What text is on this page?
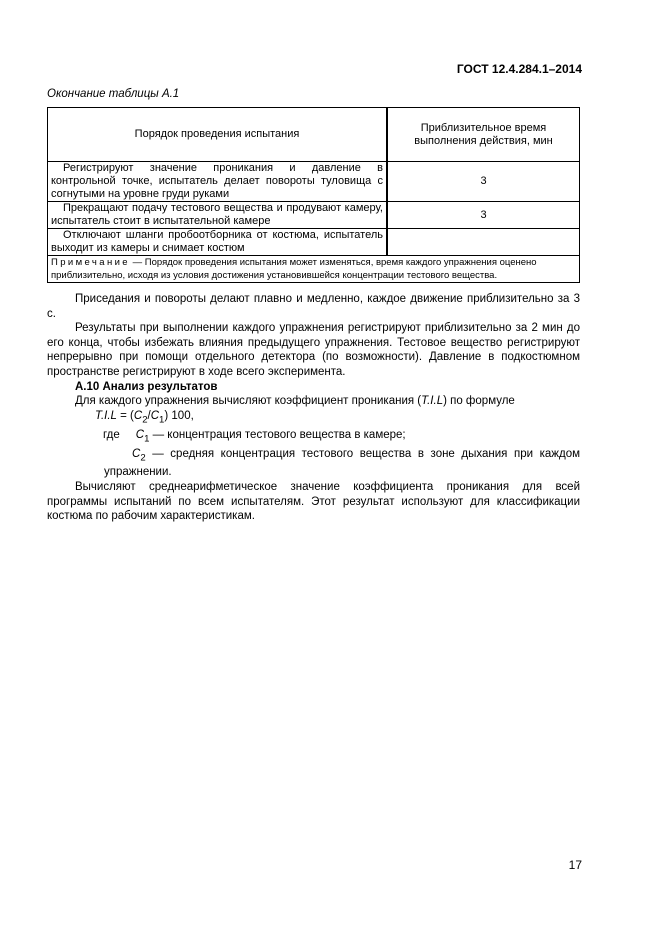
ГОСТ 12.4.284.1–2014
Окончание таблицы А.1
Порядок проведения испытания	Приблизительное время
выполнения действия, мин

Регистрируют значение проникания и давление в контрольной точке, испытатель делает повороты туловища с согнутыми на уровне груди руками	3

Прекращают подачу тестового вещества и продувают камеру, испытатель стоит в испытательной камере	3

Отключают шланги пробоотборника от костюма, испытатель выходит из камеры и снимает костюм	

Примечание — Порядок проведения испытания может изменяться, время каждого упражнения оценено приблизительно, исходя из условия достижения установившейся концентрации тестового вещества.	

Приседания и повороты делают плавно и медленно, каждое движение приблизительно за 3 с.

Результаты при выполнении каждого упражнения регистрируют приблизительно за 2 мин до его конца, чтобы избежать влияния предыдущего упражнения. Тестовое вещество регистрируют непрерывно при помощи отдельного детектора (по возможности). Давление в подкостюмном пространстве регистрируют в ходе всего эксперимента.

А.10 Анализ результатов

Для каждого упражнения вычисляют коэффициент проникания (T.I.L) по формуле

$T.I.L = (C_2/C_1)$ 100,

где $C_1$ — концентрация тестового вещества в камере;

$C_2$ — средняя концентрация тестового вещества в зоне дыхания при каждом упражнении.

Вычисляют среднеарифметическое значение коэффициента проникания для всей программы испытаний по всем испытателям. Этот результат используют для классификации костюма по рабочим характеристикам.

17
